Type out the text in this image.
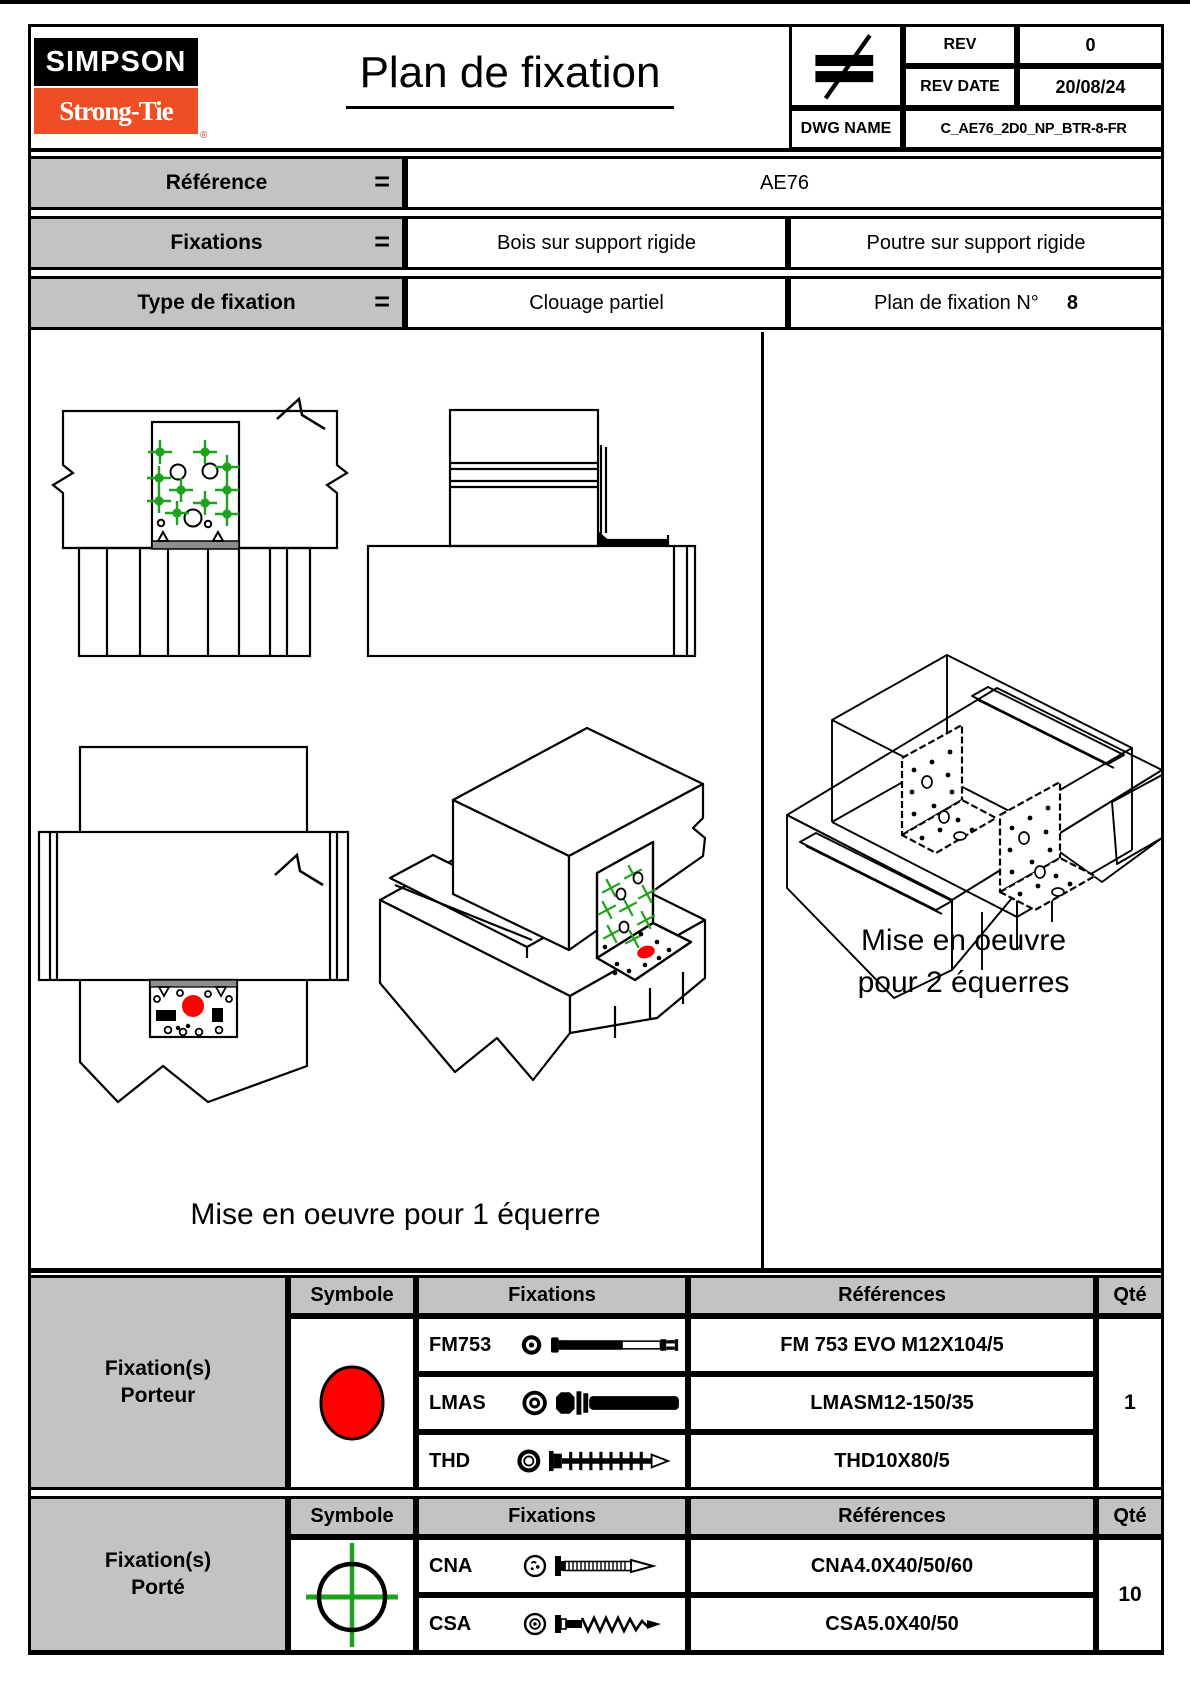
SIMPSON
Strong-Tie
®
Plan de fixation
REV	0
REV DATE	20/08/24
DWG NAME	C_AE76_2D0_NP_BTR-8-FR
Référence	=	AE76
Fixations	=	Bois sur support rigide	Poutre sur support rigide
Type de fixation	=	Clouage partiel	Plan de fixation N° 8
Mise en oeuvre pour 1 équerre
Mise en oeuvre
pour 2 équerres
Fixation(s)
Porteur
Symbole	Fixations	Références	Qté
FM753	FM 753 EVO M12X104/5
LMAS	LMASM12-150/35
THD	THD10X80/5
1
Fixation(s)
Porté
Symbole	Fixations	Références	Qté
CNA	CNA4.0X40/50/60
CSA	CSA5.0X40/50
10
